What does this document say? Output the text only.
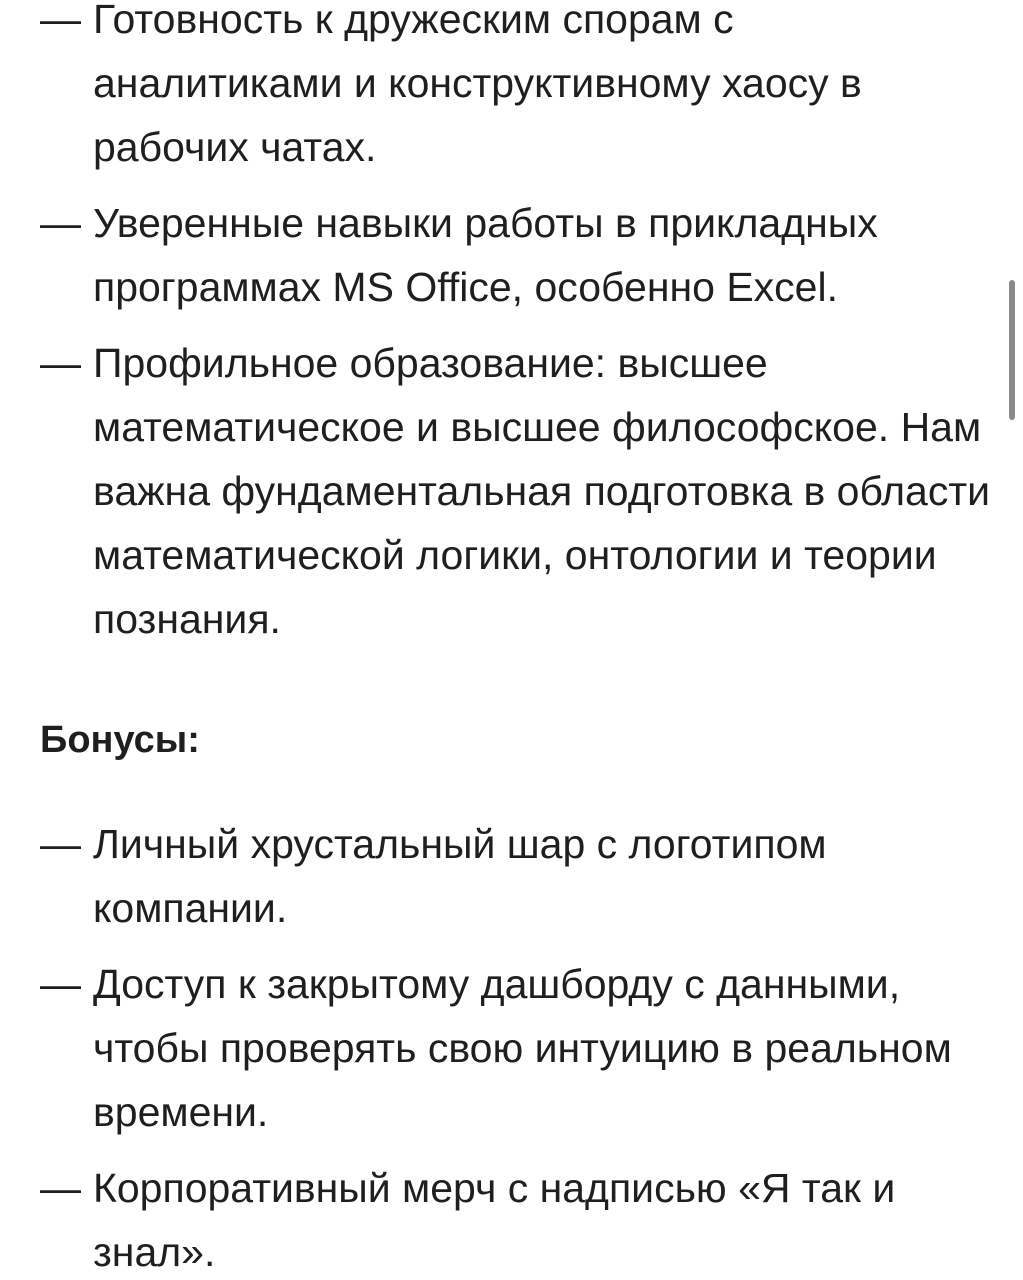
— Готовность к дружеским спорам с аналитиками и конструктивному хаосу в рабочих чатах.
— Уверенные навыки работы в прикладных программах MS Office, особенно Excel.
— Профильное образование: высшее математическое и высшее философское. Нам важна фундаментальная подготовка в области математической логики, онтологии и теории познания.
Бонусы:
— Личный хрустальный шар с логотипом компании.
— Доступ к закрытому дашборду с данными, чтобы проверять свою интуицию в реальном времени.
— Корпоративный мерч с надписью «Я так и знал».
